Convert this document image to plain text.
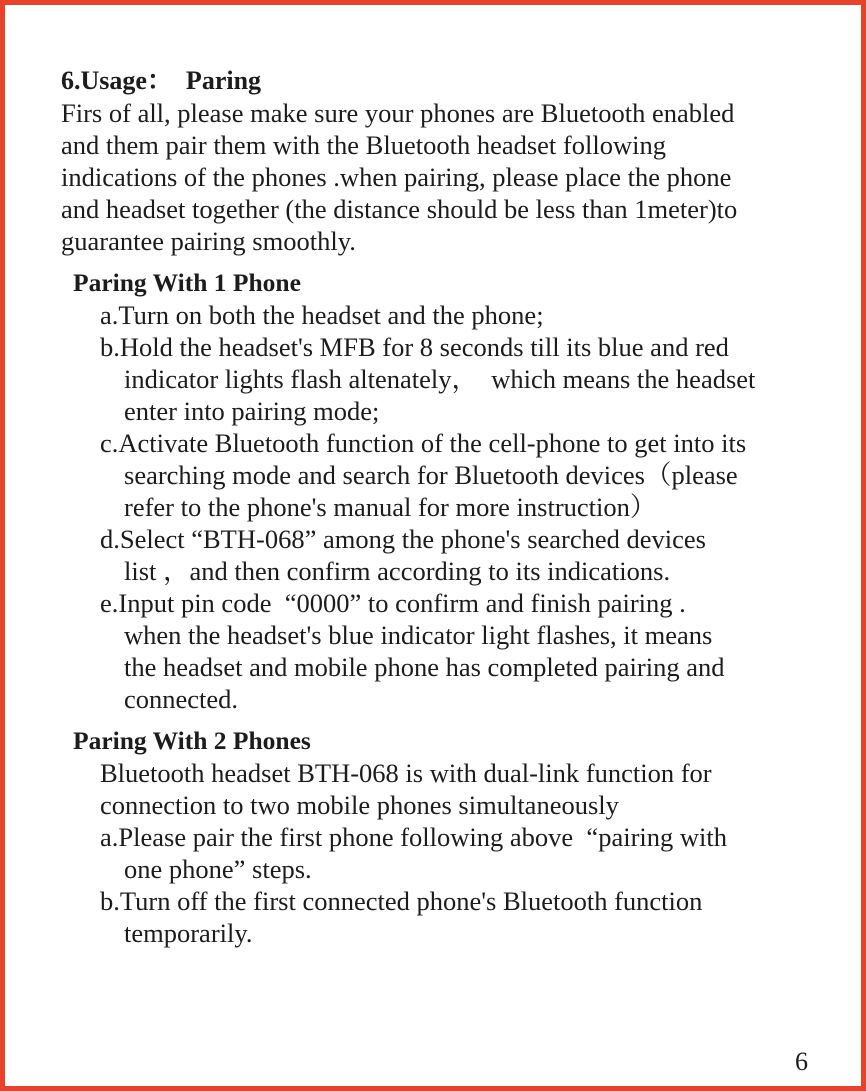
6.Usage：  Paring
Firs of all, please make sure your phones are Bluetooth enabled
and them pair them with the Bluetooth headset following
indications of the phones .when pairing, please place the phone
and headset together (the distance should be less than 1meter)to
guarantee pairing smoothly.
Paring With 1 Phone
a.Turn on both the headset and the phone;
b.Hold the headset's MFB for 8 seconds till its blue and red
indicator lights flash altenately，  which means the headset
enter into pairing mode;
c.Activate Bluetooth function of the cell-phone to get into its
searching mode and search for Bluetooth devices（please
refer to the phone's manual for more instruction）
d.Select “BTH-068” among the phone's searched devices
list ，and then confirm according to its indications.
e.Input pin code  “0000” to confirm and finish pairing .
when the headset's blue indicator light flashes, it means
the headset and mobile phone has completed pairing and
connected.
Paring With 2 Phones
Bluetooth headset BTH-068 is with dual-link function for
connection to two mobile phones simultaneously
a.Please pair the first phone following above  “pairing with
one phone” steps.
b.Turn off the first connected phone's Bluetooth function
temporarily.
6
